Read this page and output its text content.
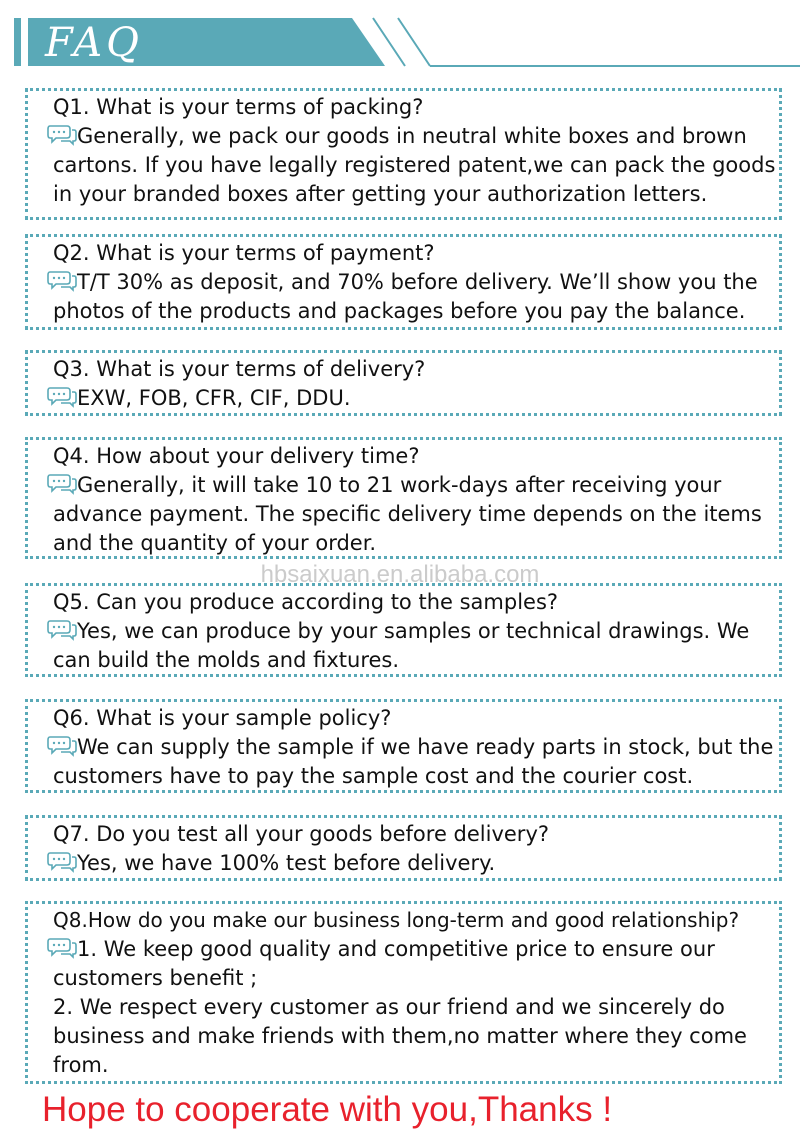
FAQ
Q1. What is your terms of packing?

Generally, we pack our goods in neutral white boxes and brown cartons. If you have legally registered patent,we can pack the goods in your branded boxes after getting your authorization letters.

Q2. What is your terms of payment?

T/T 30% as deposit, and 70% before delivery. We’ll show you the photos of the products and packages before you pay the balance.

Q3. What is your terms of delivery?

EXW, FOB, CFR, CIF, DDU.

Q4. How about your delivery time?

Generally, it will take 10 to 21 work-days after receiving your advance payment. The specific delivery time depends on the items and the quantity of your order.

hbsaixuan.en.alibaba.com
Q5. Can you produce according to the samples?

Yes, we can produce by your samples or technical drawings. We can build the molds and fixtures.

Q6. What is your sample policy?

We can supply the sample if we have ready parts in stock, but the customers have to pay the sample cost and the courier cost.

Q7. Do you test all your goods before delivery?

Yes, we have 100% test before delivery.

Q8.How do you make our business long-term and good relationship?

1. We keep good quality and competitive price to ensure our customers benefit ;

2. We respect every customer as our friend and we sincerely do business and make friends with them,no matter where they come from.

Hope to cooperate with you,Thanks !
